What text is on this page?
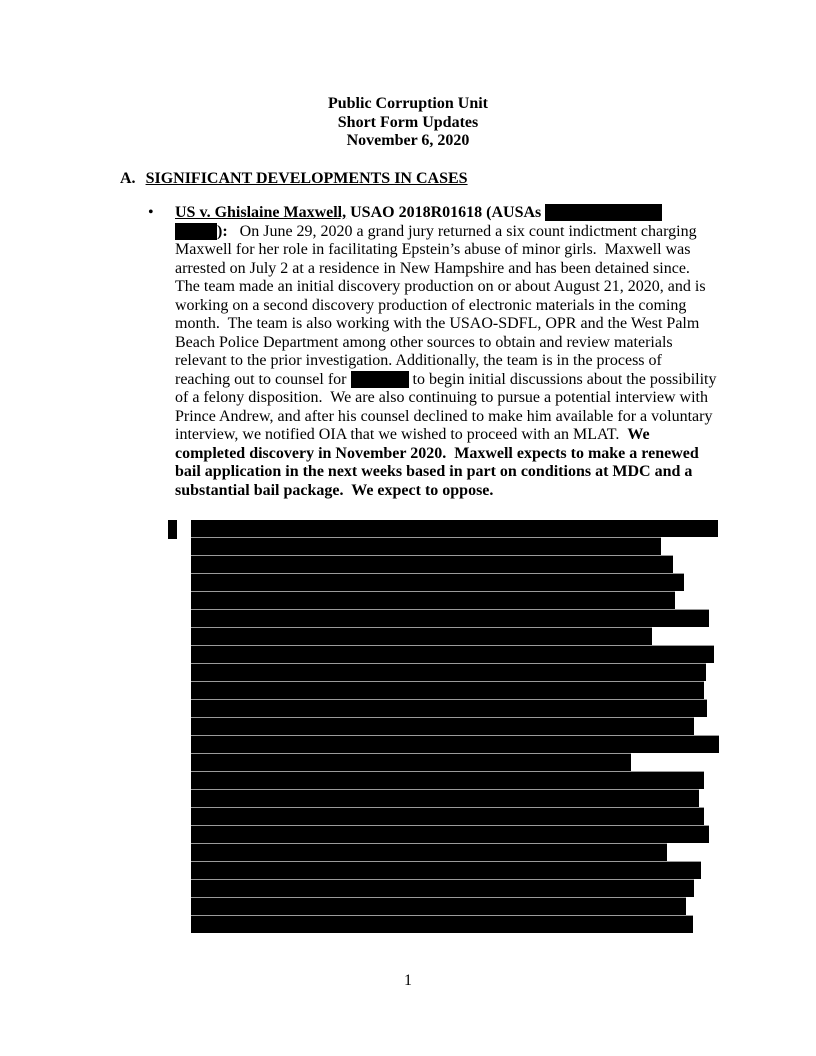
Public Corruption Unit
Short Form Updates
November 6, 2020
A. SIGNIFICANT DEVELOPMENTS IN CASES
• US v. Ghislaine Maxwell, USAO 2018R01618 (AUSAs
):   On June 29, 2020 a grand jury returned a six count indictment charging Maxwell for her role in facilitating Epstein’s abuse of minor girls.  Maxwell was arrested on July 2 at a residence in New Hampshire and has been detained since.  The team made an initial discovery production on or about August 21, 2020, and is working on a second discovery production of electronic materials in the coming month.  The team is also working with the USAO-SDFL, OPR and the West Palm Beach Police Department among other sources to obtain and review materials relevant to the prior investigation. Additionally, the team is in the process of reaching out to counsel for	to begin initial discussions about the possibility of a felony disposition.  We are also continuing to pursue a potential interview with Prince Andrew, and after his counsel declined to make him available for a voluntary interview, we notified OIA that we wished to proceed with an MLAT.  We completed discovery in November 2020.  Maxwell expects to make a renewed bail application in the next weeks based in part on conditions at MDC and a substantial bail package.  We expect to oppose.

1
